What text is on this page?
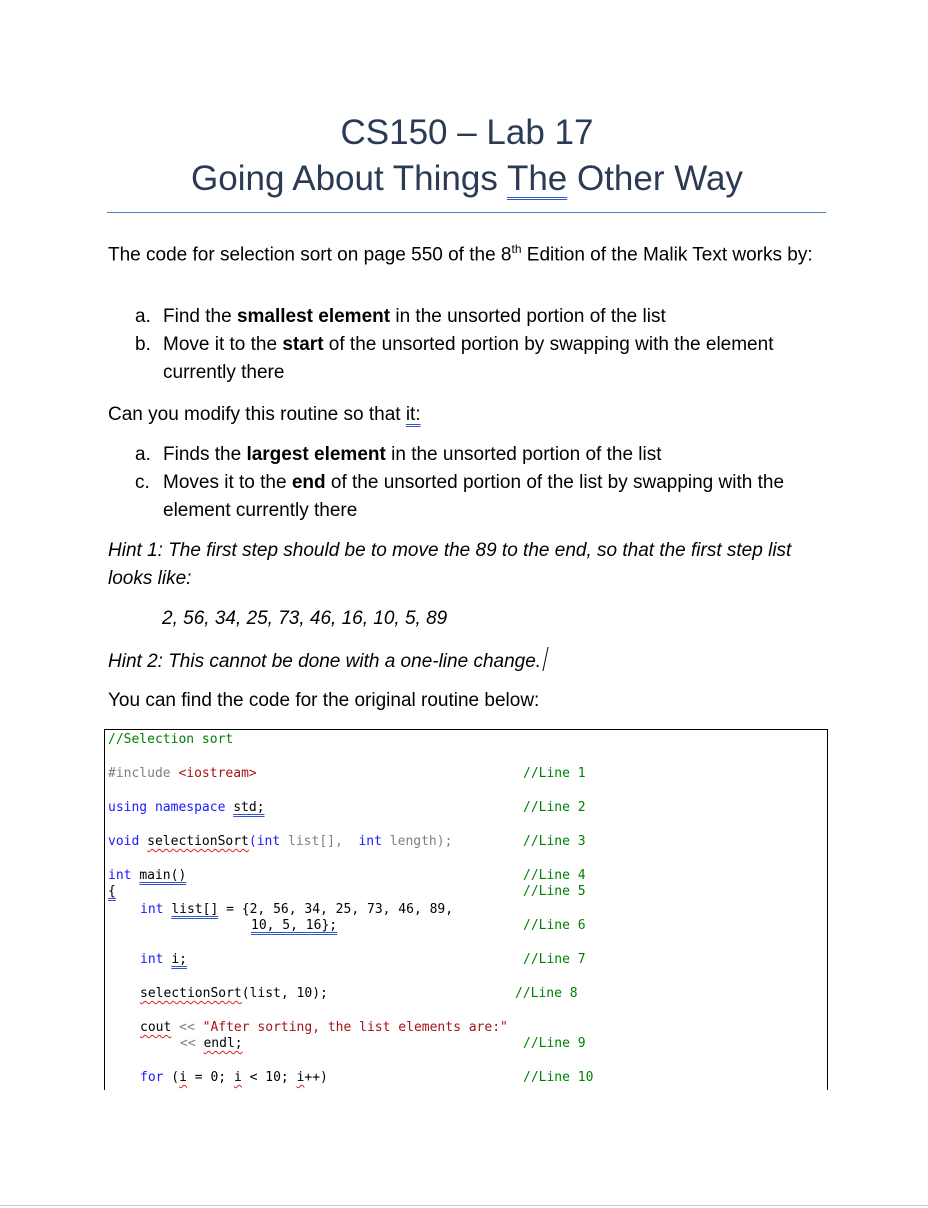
CS150 – Lab 17
Going About Things The Other Way
The code for selection sort on page 550 of the 8th Edition of the Malik Text works by:
a. Find the smallest element in the unsorted portion of the list
b. Move it to the start of the unsorted portion by swapping with the element currently there
Can you modify this routine so that it:
a. Finds the largest element in the unsorted portion of the list
c. Moves it to the end of the unsorted portion of the list by swapping with the element currently there
Hint 1: The first step should be to move the 89 to the end, so that the first step list looks like:
2, 56, 34, 25, 73, 46, 16, 10, 5, 89
Hint 2: This cannot be done with a one-line change.
You can find the code for the original routine below:
//Selection sort
#include <iostream>	//Line 1
using namespace std;	//Line 2
void selectionSort(int list[],  int length);	//Line 3
int main()	//Line 4
{	//Line 5
int list[] = {2, 56, 34, 25, 73, 46, 89,
10, 5, 16};	//Line 6
int i;	//Line 7
selectionSort(list, 10);	//Line 8
cout << "After sorting, the list elements are:"
<< endl;	//Line 9
for (i = 0; i < 10; i++)	//Line 10
